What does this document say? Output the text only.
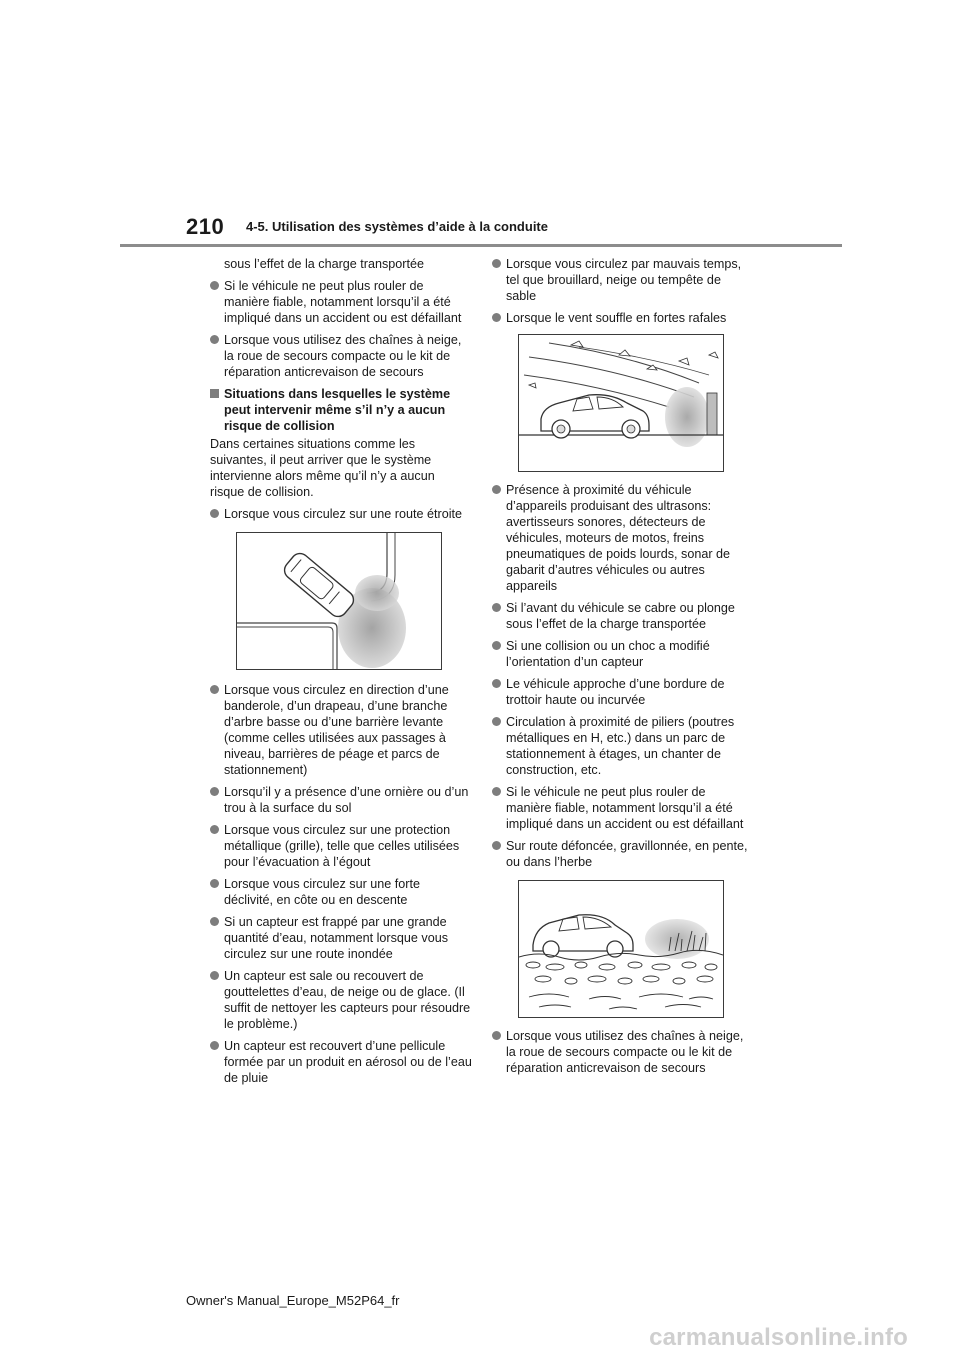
210 4-5. Utilisation des systèmes d’aide à la conduite
sous l’effet de la charge transportée
Si le véhicule ne peut plus rouler de manière fiable, notamment lorsqu’il a été impliqué dans un accident ou est défaillant
Lorsque vous utilisez des chaînes à neige, la roue de secours compacte ou le kit de réparation anticrevaison de secours
Situations dans lesquelles le système peut intervenir même s’il n’y a aucun risque de collision
Dans certaines situations comme les suivantes, il peut arriver que le système intervienne alors même qu’il n’y a aucun risque de collision.
Lorsque vous circulez sur une route étroite
Lorsque vous circulez en direction d’une banderole, d’un drapeau, d’une branche d’arbre basse ou d’une barrière levante (comme celles utilisées aux passages à niveau, barrières de péage et parcs de stationnement)
Lorsqu’il y a présence d’une ornière ou d’un trou à la surface du sol
Lorsque vous circulez sur une protection métallique (grille), telle que celles utilisées pour l’évacuation à l’égout
Lorsque vous circulez sur une forte déclivité, en côte ou en descente
Si un capteur est frappé par une grande quantité d’eau, notamment lorsque vous circulez sur une route inondée
Un capteur est sale ou recouvert de gouttelettes d’eau, de neige ou de glace. (Il suffit de nettoyer les capteurs pour résoudre le problème.)
Un capteur est recouvert d’une pellicule formée par un produit en aérosol ou de l’eau de pluie
Lorsque vous circulez par mauvais temps, tel que brouillard, neige ou tempête de sable
Lorsque le vent souffle en fortes rafales
Présence à proximité du véhicule d’appareils produisant des ultrasons: avertisseurs sonores, détecteurs de véhicules, moteurs de motos, freins pneumatiques de poids lourds, sonar de gabarit d’autres véhicules ou autres appareils
Si l’avant du véhicule se cabre ou plonge sous l’effet de la charge transportée
Si une collision ou un choc a modifié l’orientation d’un capteur
Le véhicule approche d’une bordure de trottoir haute ou incurvée
Circulation à proximité de piliers (poutres métalliques en H, etc.) dans un parc de stationnement à étages, un chanter de construction, etc.
Si le véhicule ne peut plus rouler de manière fiable, notamment lorsqu’il a été impliqué dans un accident ou est défaillant
Sur route défoncée, gravillonnée, en pente, ou dans l’herbe
Lorsque vous utilisez des chaînes à neige, la roue de secours compacte ou le kit de réparation anticrevaison de secours
Owner's Manual_Europe_M52P64_fr
carmanualsonline.info
